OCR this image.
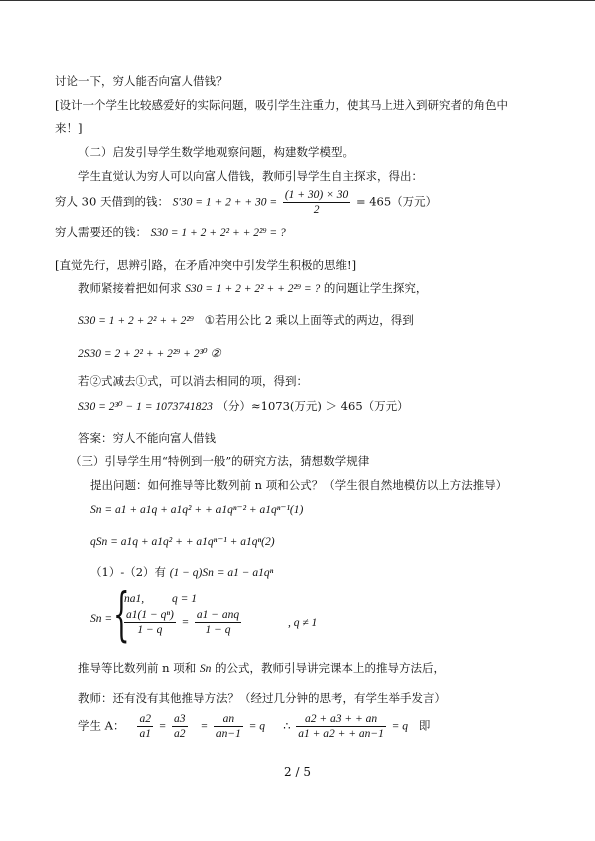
讨论一下，穷人能否向富人借钱？
[设计一个学生比较感爱好的实际问题，吸引学生注重力，使其马上进入到研究者的角色中
来！]
（二）启发引导学生数学地观察问题，构建数学模型。
学生直觉认为穷人可以向富人借钱，教师引导学生自主探求，得出：
穷人 30 天借到的钱： S′30 = 1 + 2 + + $30 = \frac{(1 + 30) \times 30}{2} = 465$（万元）
穷人需要还的钱： S30 = 1 + 2 + 2² + + 2²⁹ = ?
[直觉先行，思辨引路，在矛盾冲突中引发学生积极的思维!]
教师紧接着把如何求 S30 = 1 + 2 + 2² + + 2²⁹ = ? 的问题让学生探究，
S30 = 1 + 2 + 2² + + 2²⁹ ①若用公比 2 乘以上面等式的两边，得到
2S30 = 2 + 2² + + 2²⁹ + 2³⁰ ②
若②式减去①式，可以消去相同的项，得到：
S30 = 2³⁰ − 1 = 1073741823 （分）≈1073(万元) ＞ 465（万元）
答案：穷人不能向富人借钱
（三）引导学生用“特例到一般”的研究方法，猜想数学规律
提出问题：如何推导等比数列前 n 项和公式？（学生很自然地模仿以上方法推导）
Sn = a1 + a1q + a1q² + + a1qⁿ⁻² + a1qⁿ⁻¹(1)
qSn = a1q + a1q² + + a1qⁿ⁻¹ + a1qⁿ(2)
（1）-（2）有 (1 − q)Sn = a1 − a1qⁿ
Sn = {
na1, q = 1
$\frac{\text{a1(1 − qⁿ)}}{1 - q} = \frac{\text{a1 − anq}}{1 - q}$	, q ≠ 1
推导等比数列前 n 项和 Sn 的公式，教师引导讲完课本上的推导方法后，
教师：还有没有其他推导方法？（经过几分钟的思考，有学生举手发言）
学生 A： $\frac{a2}{a1} = \frac{a3}{a2} = \frac{an}{an-1} = q$ ∴ $\frac{a2 + a3 + + an}{a1 + a2 + + an-1} = q$ 即
2 / 5
